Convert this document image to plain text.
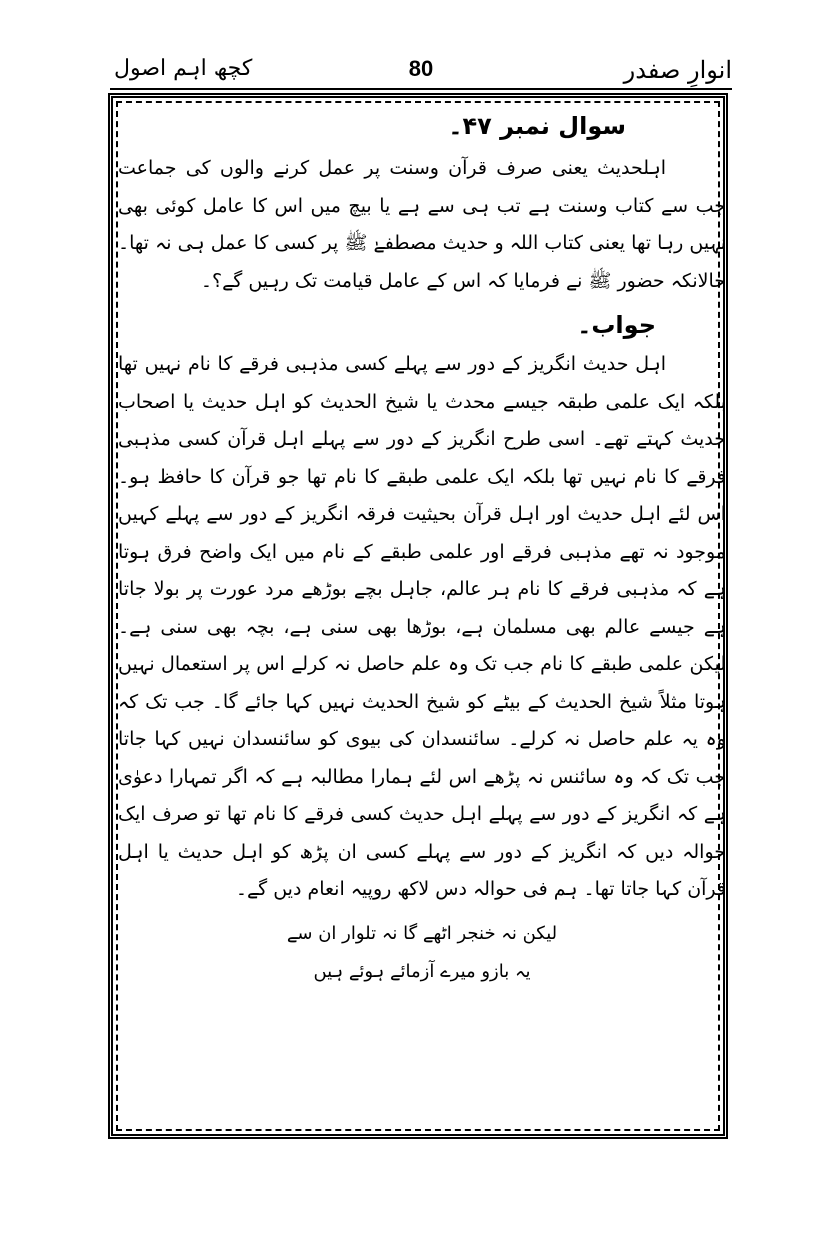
انوارِ صفدر
80
کچھ اہم اصول
سوال نمبر ۴۷۔

اہلحدیث یعنی صرف قرآن وسنت پر عمل کرنے والوں کی جماعت جب سے کتاب وسنت ہے تب ہی سے ہے یا بیچ میں اس کا عامل کوئی بھی نہیں رہا تھا یعنی کتاب اللہ و حدیث مصطفےٰ ﷺ پر کسی کا عمل ہی نہ تھا۔ حالانکہ حضور ﷺ نے فرمایا کہ اس کے عامل قیامت تک رہیں گے؟۔

جواب۔

اہل حدیث انگریز کے دور سے پہلے کسی مذہبی فرقے کا نام نہیں تھا بلکہ ایک علمی طبقہ جیسے محدث یا شیخ الحدیث کو اہل حدیث یا اصحاب حدیث کہتے تھے۔ اسی طرح انگریز کے دور سے پہلے اہل قرآن کسی مذہبی فرقے کا نام نہیں تھا بلکہ ایک علمی طبقے کا نام تھا جو قرآن کا حافظ ہو۔ اس لئے اہل حدیث اور اہل قرآن بحیثیت فرقہ انگریز کے دور سے پہلے کہیں موجود نہ تھے مذہبی فرقے اور علمی طبقے کے نام میں ایک واضح فرق ہوتا ہے کہ مذہبی فرقے کا نام ہر عالم، جاہل بچے بوڑھے مرد عورت پر بولا جاتا ہے جیسے عالم بھی مسلمان ہے، بوڑھا بھی سنی ہے، بچہ بھی سنی ہے۔ لیکن علمی طبقے کا نام جب تک وہ علم حاصل نہ کرلے اس پر استعمال نہیں ہوتا مثلاً شیخ الحدیث کے بیٹے کو شیخ الحدیث نہیں کہا جائے گا۔ جب تک کہ وہ یہ علم حاصل نہ کرلے۔ سائنسدان کی بیوی کو سائنسدان نہیں کہا جاتا جب تک کہ وہ سائنس نہ پڑھے اس لئے ہمارا مطالبہ ہے کہ اگر تمہارا دعوٰی ہے کہ انگریز کے دور سے پہلے اہل حدیث کسی فرقے کا نام تھا تو صرف ایک حوالہ دیں کہ انگریز کے دور سے پہلے کسی ان پڑھ کو اہل حدیث یا اہل قرآن کہا جاتا تھا۔ ہم فی حوالہ دس لاکھ روپیہ انعام دیں گے۔

لیکن نہ خنجر اٹھے گا نہ تلوار ان سے
یہ بازو میرے آزمائے ہوئے ہیں
